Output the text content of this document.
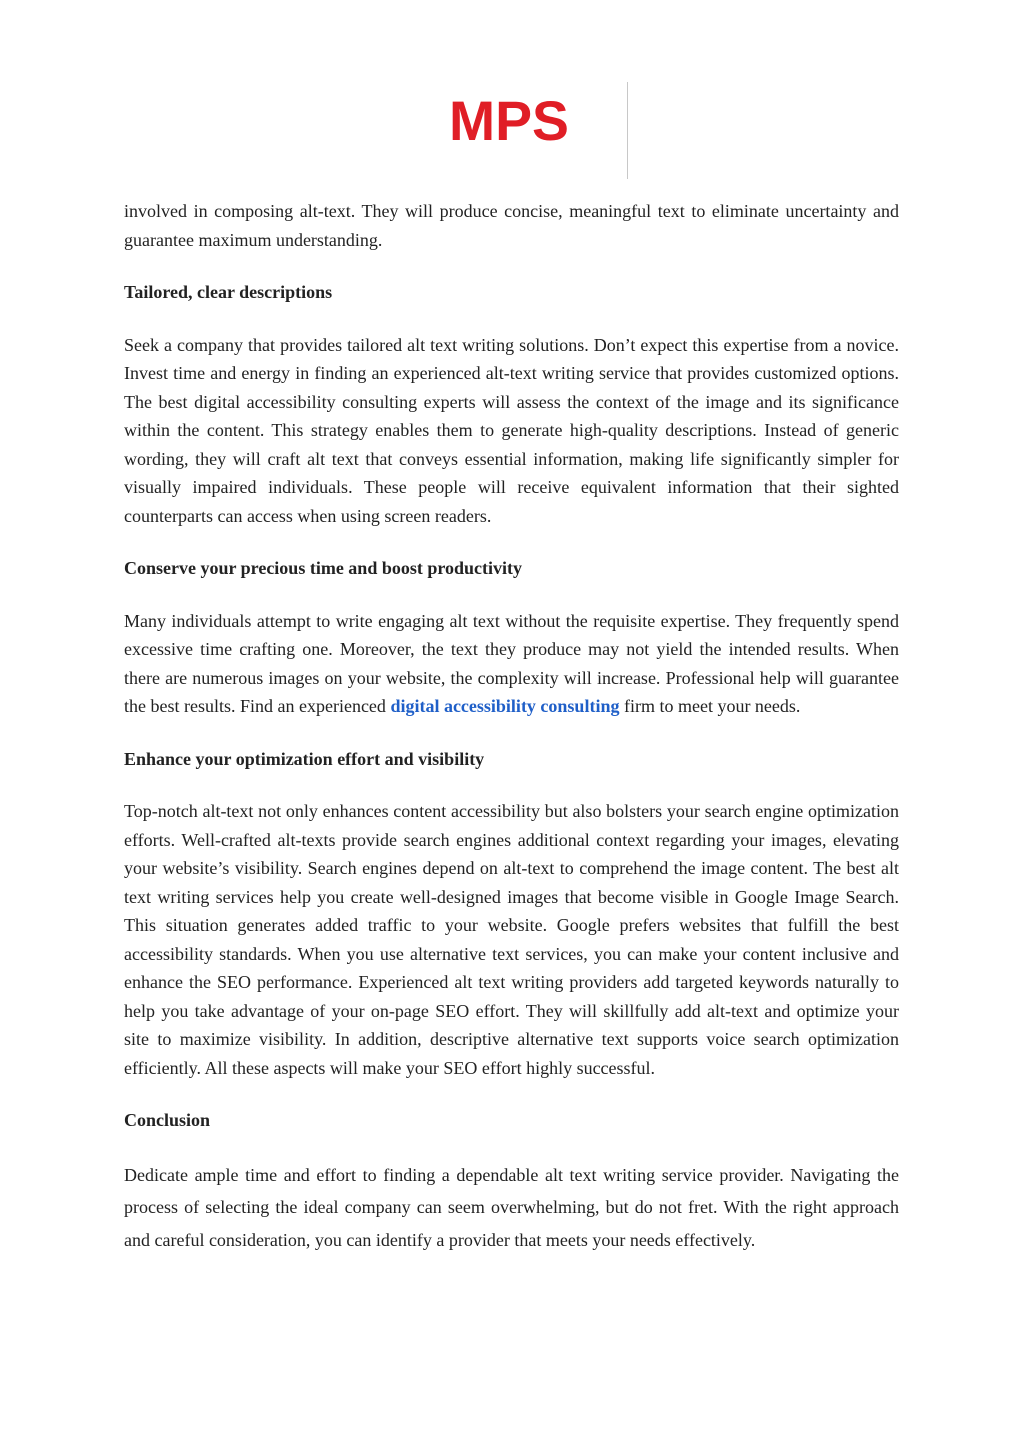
MPS

involved in composing alt-text. They will produce concise, meaningful text to eliminate uncertainty and guarantee maximum understanding.

Tailored, clear descriptions

Seek a company that provides tailored alt text writing solutions. Don’t expect this expertise from a novice. Invest time and energy in finding an experienced alt-text writing service that provides customized options. The best digital accessibility consulting experts will assess the context of the image and its significance within the content. This strategy enables them to generate high-quality descriptions. Instead of generic wording, they will craft alt text that conveys essential information, making life significantly simpler for visually impaired individuals. These people will receive equivalent information that their sighted counterparts can access when using screen readers.

Conserve your precious time and boost productivity

Many individuals attempt to write engaging alt text without the requisite expertise. They frequently spend excessive time crafting one. Moreover, the text they produce may not yield the intended results. When there are numerous images on your website, the complexity will increase. Professional help will guarantee the best results. Find an experienced digital accessibility consulting firm to meet your needs.

Enhance your optimization effort and visibility

Top-notch alt-text not only enhances content accessibility but also bolsters your search engine optimization efforts. Well-crafted alt-texts provide search engines additional context regarding your images, elevating your website’s visibility. Search engines depend on alt-text to comprehend the image content. The best alt text writing services help you create well-designed images that become visible in Google Image Search. This situation generates added traffic to your website. Google prefers websites that fulfill the best accessibility standards. When you use alternative text services, you can make your content inclusive and enhance the SEO performance. Experienced alt text writing providers add targeted keywords naturally to help you take advantage of your on-page SEO effort. They will skillfully add alt-text and optimize your site to maximize visibility. In addition, descriptive alternative text supports voice search optimization efficiently. All these aspects will make your SEO effort highly successful.

Conclusion

Dedicate ample time and effort to finding a dependable alt text writing service provider. Navigating the process of selecting the ideal company can seem overwhelming, but do not fret. With the right approach and careful consideration, you can identify a provider that meets your needs effectively.
